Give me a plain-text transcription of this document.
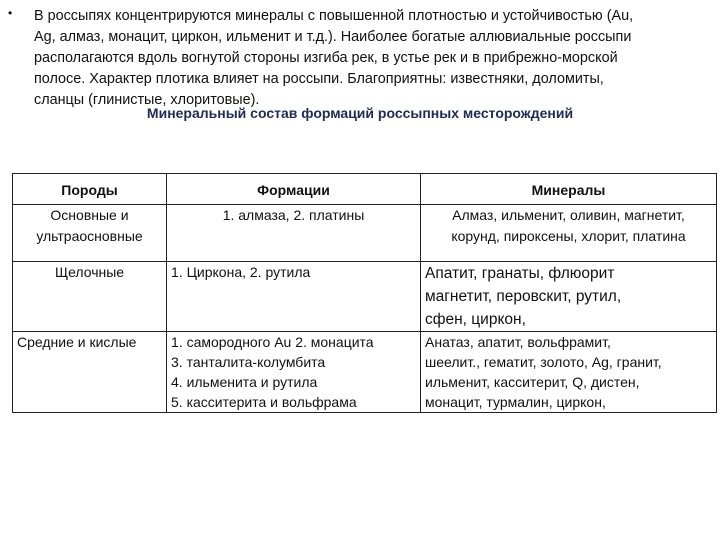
• В россыпях концентрируются минералы с повышенной плотностью и устойчивостью (Au,
Ag, алмаз, монацит, циркон, ильменит и т.д.). Наиболее богатые аллювиальные россыпи
располагаются вдоль вогнутой стороны изгиба рек, в устье рек и в прибрежно-морской
полосе. Характер плотика влияет на россыпи. Благоприятны: известняки, доломиты,
сланцы (глинистые, хлоритовые).
Минеральный состав формаций россыпных месторождений
Породы	Формации	Минералы

Основные и
ультраосновные	1. алмаза, 2. платины	Алмаз, ильменит, оливин, магнетит,
корунд, пироксены, хлорит, платина

Щелочные	1. Циркона, 2. рутила	Апатит, гранаты, флюорит
магнетит, перовскит, рутил,
сфен, циркон,

Средние и кислые	1. самородного Au 2. монацита
3. танталита-колумбита
4. ильменита и рутила
5. касситерита и вольфрама	Анатаз, апатит, вольфрамит,
шеелит., гематит, золото, Ag, гранит,
ильменит, касситерит, Q, дистен,
монацит, турмалин, циркон,
